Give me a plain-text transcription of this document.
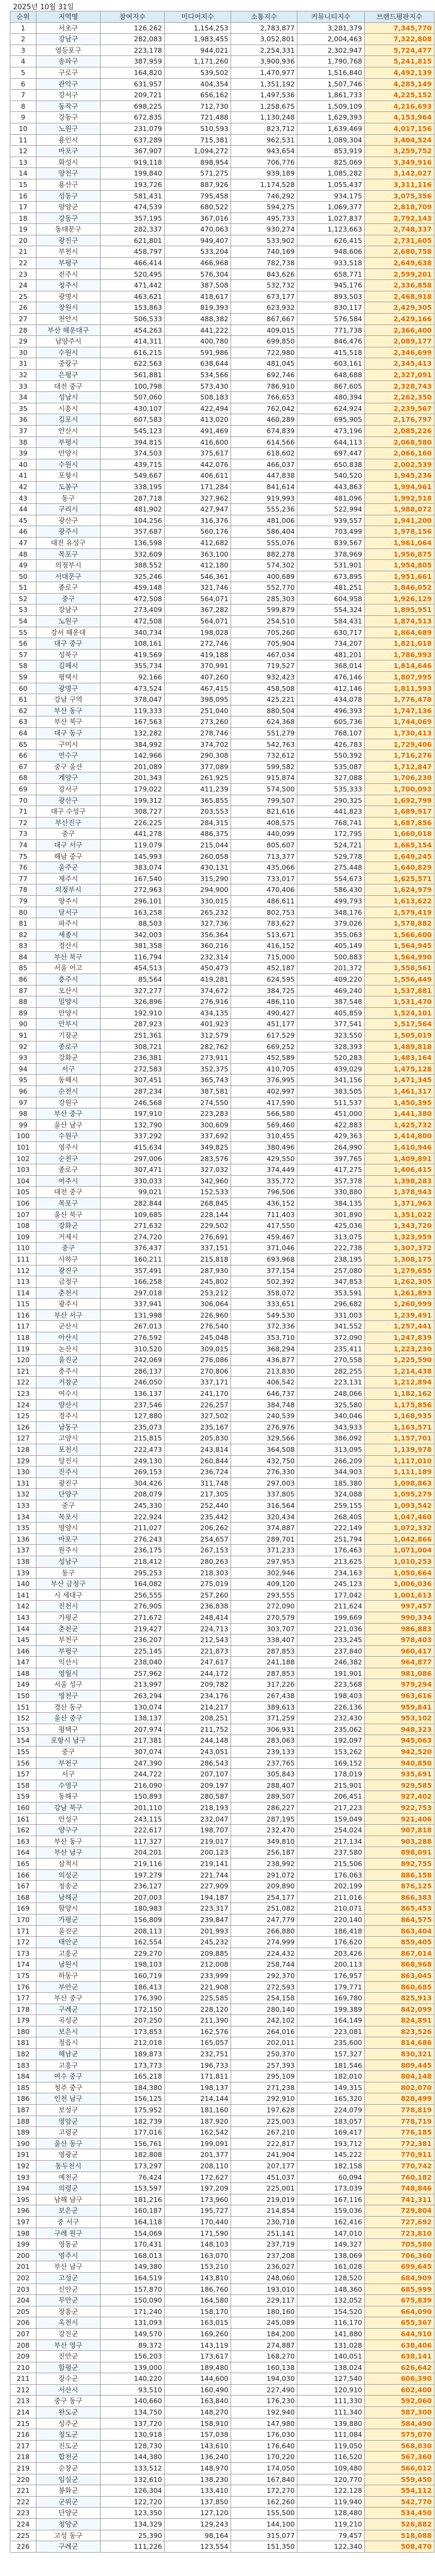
2025년 10월 31일
순위	지역명	참여지수	미디어지수	소통지수	커뮤니티지수	브랜드평판지수
1	서초구	126,262	1,154,253	2,783,877	3,281,379	7,345,770
2	강남구	282,083	1,983,455	3,052,801	2,004,463	7,322,808
3	영등포구	223,178	944,021	2,254,331	2,302,947	5,724,477
4	송파구	387,959	1,171,260	3,900,936	1,790,768	5,241,815
5	구로구	164,820	539,502	1,470,977	1,516,840	4,492,139
6	관악구	631,957	404,354	1,351,192	1,507,746	4,285,149
7	강서구	209,721	656,162	1,497,536	1,861,733	4,225,152
8	동작구	698,225	712,730	1,258,675	1,509,109	4,216,693
9	강동구	672,835	721,488	1,130,248	1,629,393	4,153,964
10	노원구	231,079	510,593	823,712	1,639,469	4,017,156
11	용인시	637,289	715,381	962,531	1,089,304	3,404,524
12	마포구	367,907	1,094,272	943,654	853,919	3,259,752
13	화성시	919,118	898,954	706,776	825,069	3,349,916
14	양천구	199,840	571,275	939,189	1,085,282	3,142,027
15	용산구	193,726	887,926	1,174,528	1,055,437	3,311,116
16	성동구	581,431	795,458	746,292	934,175	3,075,356
17	양양군	474,539	680,522	594,275	1,069,377	2,818,709
18	강동구	357,195	367,016	495,733	1,027,837	2,792,143
19	동대문구	282,337	470,063	930,274	1,123,663	2,748,337
20	광진구	621,801	949,407	533,902	626,415	2,731,605
21	부천시	458,797	533,204	740,169	948,606	2,680,758
22	부평구	466,414	466,968	782,738	933,518	2,649,638
23	전주시	520,495	576,304	843,626	658,771	2,599,201
24	청주시	471,442	387,508	532,732	945,176	2,336,858
25	광명시	463,621	418,617	673,177	893,503	2,468,918
26	창원시	153,863	819,393	623,932	830,117	2,429,305
27	천안시	506,533	488,382	867,667	576,584	2,429,166
28	부산 해운대구	454,263	441,222	409,015	771,738	2,366,400
29	남양주시	414,311	400,780	699,850	846,476	2,089,177
30	수원시	616,215	591,986	722,980	415,518	2,346,699
31	중랑구	622,563	638,644	481,045	603,161	2,345,413
32	은평구	561,881	534,566	692,746	648,688	2,327,091
33	대전 중구	100,798	573,430	786,910	867,605	2,328,743
34	성남시	507,060	508,183	766,653	480,394	2,262,350
35	시흥시	430,107	422,494	762,042	624,924	2,239,567
36	김포시	607,583	413,020	460,289	695,905	2,176,797
37	안산시	545,123	491,469	674,839	473,196	2,085,226
38	부평시	394,815	416,600	614,566	644,113	2,068,580
39	안양시	374,503	375,617	618,602	697,447	2,066,160
40	수원시	439,715	442,076	466,037	650,838	2,002,539
41	포항시	549,667	406,611	447,838	540,520	1,945,236
42	도봉구	338,195	171,284	841,614	443,863	1,994,961
43	동구	287,718	327,962	919,993	481,096	1,992,518
44	구리시	481,902	427,947	555,236	522,994	1,988,072
45	광산구	104,256	316,376	481,006	939,557	1,941,200
46	광주시	357,687	560,176	586,404	703,499	1,978,156
47	대전 유성구	136,598	412,682	555,076	839,567	1,961,064
48	목포구	332,609	363,100	882,278	378,969	1,956,875
49	의정부시	388,552	412,180	574,302	531,901	1,954,805
50	서대문구	325,246	546,361	400,689	673,895	1,951,661
51	종로구	459,148	321,746	552,770	481,251	1,846,052
52	중구	472,508	564,071	285,303	604,958	1,926,129
53	강남구	273,409	367,282	599,879	554,324	1,895,951
54	노원구	472,508	564,071	254,510	584,431	1,874,513
55	강서 해운대	340,734	198,028	705,260	630,717	1,864,689
56	대구 중구	108,161	272,746	705,904	734,207	1,821,018
57	성북구	419,569	419,188	467,034	481,201	1,786,993
58	김해시	355,734	370,991	719,527	368,014	1,814,646
59	평택시	92,166	407,260	932,423	476,146	1,807,995
60	광명구	473,524	467,415	458,508	412,146	1,811,593
61	강남 구역	378,047	398,095	425,221	434,078	1,776,478
62	부산 동구	119,333	251,040	880,504	496,393	1,747,136
63	부산 북구	167,563	273,260	624,368	605,736	1,744,069
64	대구 동구	132,282	278,746	551,279	768,107	1,730,413
65	구미시	384,992	374,702	542,763	426,783	1,729,406
66	연수구	142,966	290,308	732,612	550,392	1,716,276
67	중구 울산	201,089	377,089	599,582	535,087	1,712,847
68	계양구	201,343	261,925	915,874	327,088	1,706,230
69	강서구	179,022	411,239	574,500	535,333	1,700,093
70	광산구	199,312	365,855	799,507	290,325	1,692,799
71	대구 수성구	308,727	203,553	821,616	441,823	1,689,917
72	부산진구	226,225	284,315	408,575	768,741	1,687,856
73	중구	441,278	486,375	440,099	172,795	1,660,018
74	대구 서구	119,079	215,044	805,607	524,721	1,665,154
75	해남 중구	145,993	260,058	713,377	529,778	1,649,245
76	울주군	383,074	430,131	435,066	275,448	1,640,829
77	제주시	167,540	315,290	733,017	554,673	1,625,571
78	의정부시	272,963	294,900	470,406	586,430	1,624,979
79	양주시	296,101	330,015	486,611	499,793	1,613,622
80	달서구	163,258	265,232	802,753	348,176	1,579,419
81	파주시	88,503	327,736	783,627	379,026	1,578,882
82	세종시	342,003	356,364	513,671	355,063	1,566,600
83	경산시	381,358	360,216	416,152	405,149	1,564,945
84	부산 북구	116,794	232,314	715,000	500,883	1,564,990
85	서울 어고	454,513	450,473	452,187	201,372	1,558,561
86	충주시	85,564	419,281	624,595	409,220	1,556,449
87	오산시	327,277	374,672	384,725	469,240	1,537,881
88	밀양시	326,896	276,916	486,110	387,548	1,531,470
89	안양시	192,910	434,135	490,427	405,859	1,524,101
90	안부시	287,923	401,923	451,177	377,541	1,517,564
91	기장군	251,361	312,579	617,529	323,550	1,505,019
92	종로구	308,721	282,762	669,252	328,393	1,489,818
93	강화군	236,381	273,911	452,589	520,283	1,483,164
94	서구	272,583	352,375	410,705	439,029	1,475,128
95	동해시	307,451	365,743	376,995	341,156	1,471,345
96	순천시	287,234	387,581	402,997	383,505	1,461,317
97	강원구	246,568	274,550	417,590	511,537	1,450,395
98	부산 중구	197,910	223,283	566,580	451,000	1,441,380
99	울산 남구	132,790	300,609	569,460	422,883	1,425,732
100	수원구	337,292	337,692	310,455	429,363	1,414,800
101	영주시	415,634	349,825	380,496	264,990	1,410,946
102	순천구	297,006	283,576	429,550	397,765	1,409,891
103	종로구	307,471	327,032	374,449	417,275	1,406,415
104	여주시	330,033	342,960	335,772	357,378	1,398,283
105	대전 중구	99,021	152,533	796,506	330,880	1,378,943
106	목포구	282,844	268,845	436,152	384,135	1,371,963
107	울산 북구	109,685	228,144	711,403	301,890	1,351,022
108	강화군	271,632	229,502	417,550	425,036	1,343,720
109	거제시	274,720	276,691	459,467	313,075	1,323,959
110	중구	376,437	337,151	371,046	222,738	1,307,372
111	사하구	160,211	215,818	693,968	238,195	1,308,175
112	광진구	357,491	287,930	377,154	257,080	1,279,655
113	금정구	166,258	245,802	502,392	347,853	1,262,305
114	춘천시	297,018	253,212	358,072	353,591	1,261,893
115	광주시	337,941	306,064	333,651	296,682	1,260,999
116	부산 서구	131,998	226,960	549,530	331,003	1,239,491
117	군산시	267,013	276,540	372,336	341,552	1,257,441
118	아산시	276,592	245,048	353,710	372,090	1,247,839
119	논산시	310,520	309,015	368,294	235,411	1,223,230
120	울진군	242,069	276,086	436,877	270,558	1,225,590
121	충주시	286,137	270,806	213,830	282,255	1,214,438
122	거창군	246,050	337,171	406,542	223,131	1,212,894
123	여수시	136,137	241,170	646,737	248,066	1,182,162
124	양산시	237,546	226,257	384,748	325,580	1,175,856
125	경주시	127,880	327,502	240,539	340,046	1,168,935
126	남동구	235,073	235,167	276,976	343,933	1,163,571
127	고양시	215,815	205,830	329,566	386,092	1,157,701
128	포천시	222,473	243,814	364,508	313,095	1,139,978
129	당진시	249,130	260,844	432,750	266,209	1,117,010
130	진주시	269,153	236,724	276,330	344,903	1,111,189
131	광진구	304,426	311,748	297,003	185,380	1,098,863
132	단양구	208,079	217,305	337,805	324,088	1,095,279
133	중구	245,330	252,440	316,564	259,155	1,093,542
134	목포시	222,924	235,442	320,434	268,405	1,047,460
135	영양시	211,027	206,262	374,887	222,149	1,072,332
136	마포구	276,243	254,657	289,701	251,794	1,042,866
137	원주시	236,175	267,153	371,233	176,463	1,071,004
138	성남구	218,412	280,263	297,953	213,625	1,010,253
139	동구	295,253	218,303	302,946	234,163	1,050,664
140	부산 금정구	164,082	275,019	409,120	245,123	1,006,036
141	시 세대구	256,555	257,260	293,555	177,042	1,001,613
142	진천시	276,905	236,838	272,090	211,624	997,457
143	가평군	271,672	248,414	270,579	199,669	990,334
144	춘천군	219,427	224,713	303,707	221,036	986,883
145	부천구	236,207	212,543	338,407	233,245	978,403
146	부평구	225,145	221,873	287,853	237,840	960,417
147	익산시	238,040	247,617	241,188	246,382	964,877
148	영월시	257,962	244,172	287,853	191,901	981,086
149	서울 성구	213,997	209,782	317,226	223,568	979,294
150	영천구	263,294	234,176	267,438	198,403	963,616
151	경산 동구	130,074	214,217	389,613	226,136	959,841
152	울산 중구	138,137	208,251	371,259	232,430	953,102
153	평택구	207,974	211,752	306,931	235,062	948,323
154	포항시 남구	217,381	244,148	283,063	192,097	945,063
155	중구	307,074	243,051	239,133	153,262	942,520
156	부천구	247,390	286,543	237,765	169,152	940,850
157	서구	244,722	207,107	305,843	178,019	935,691
158	수영구	216,090	209,197	288,407	215,901	929,585
159	동해구	150,893	280,587	289,507	206,451	927,402
160	강남 북구	201,110	218,193	286,227	217,223	922,753
161	안성구	243,115	232,047	287,195	159,049	921,406
162	양구구	222,617	198,707	232,470	254,024	907,818
163	부산 동구	117,327	219,017	349,810	217,134	903,288
164	부산 남구	204,201	200,123	256,187	237,580	898,091
165	삼척시	219,116	219,141	238,992	215,506	892,755
166	의성군	197,279	221,744	291,072	176,063	886,158
167	청송군	236,127	227,909	209,890	202,199	876,125
168	남해군	207,003	194,187	254,177	211,016	866,383
169	함양시	180,983	223,317	251,082	210,071	865,453
170	가평군	156,809	239,847	247,779	220,140	864,575
171	울진군	208,113	201,993	266,880	186,418	863,404
172	태안군	162,554	245,232	274,999	176,620	859,405
173	고흥군	229,270	209,885	224,432	203,426	867,014
174	남원시	198,103	212,008	258,744	200,113	868,968
175	하동구	160,719	233,999	292,370	176,957	863,045
176	부안군	186,413	221,908	272,593	179,771	860,685
177	부산 중구	176,390	225,585	254,158	169,780	825,913
178	구례군	172,150	228,120	280,140	199,389	842,099
179	곡성군	207,250	211,390	242,102	164,149	824,891
180	보은시	173,853	162,576	264,016	223,081	823,526
181	정읍시	212,018	165,057	202,011	235,600	814,686
182	해남군	189,873	232,751	250,370	157,327	830,321
183	고흥구	173,773	196,733	257,393	181,546	809,445
184	여수 중구	165,218	171,811	295,109	182,010	804,148
185	청주 중구	184,380	198,137	271,238	149,315	802,070
186	인천 남구	156,125	214,144	292,910	165,320	828,499
187	보성구	175,952	181,160	197,628	224,079	778,819
188	영암군	182,739	187,920	225,003	183,057	778,719
189	고령군	177,016	162,542	267,210	169,417	776,185
190	울산 동구	156,761	199,091	222,817	193,712	772,381
191	영광군	182,808	201,377	241,904	145,222	770,911
192	동두천시	173,297	208,110	207,177	182,158	770,742
193	예천군	76,424	172,627	451,037	60,094	760,182
194	의령군	153,597	197,209	225,001	173,039	748,846
195	남해 남구	181,216	173,960	219,019	167,116	741,311
196	보은군	160,187	195,727	214,854	159,036	729,804
197	중 서구	164,118	170,440	230,718	162,416	727,692
198	구례 원구	154,069	171,590	251,141	147,010	723,810
199	영동군	170,431	148,103	237,719	149,327	705,580
200	영주시	168,013	163,070	237,208	138,069	706,360
201	부산 남구	149,380	153,210	236,027	161,028	699,645
202	고성군	164,519	143,810	248,060	128,520	684,909
203	신안군	157,870	186,760	193,010	148,360	685,999
204	무안군	150,090	164,580	229,117	132,052	675,839
205	장흥군	171,240	158,170	180,160	154,520	664,090
206	옥천시	131,093	163,015	245,089	116,170	655,367
207	강진군	149,570	169,260	184,200	141,880	644,910
208	부산 영구	89,372	143,119	274,887	131,028	638,406
209	진안군	156,203	173,617	168,270	140,051	638,141
210	함평군	139,000	189,480	160,138	138,024	626,642
211	장수군	140,220	144,600	194,030	127,540	606,390
212	서산시	93,510	160,490	227,490	120,910	602,400
213	중구 동구	140,660	163,840	176,230	111,330	592,060
214	완도군	134,750	148,270	192,940	111,340	587,300
215	성주군	137,720	158,910	147,980	139,880	584,490
216	청도군	130,918	157,038	176,030	111,084	575,070
217	진도군	128,730	143,610	176,640	119,050	568,030
218	합천군	144,380	136,240	170,220	116,520	567,360
219	순창군	133,512	148,970	174,050	109,480	566,012
220	임실군	132,610	138,230	167,840	120,770	559,450
221	봉화군	126,304	133,410	172,270	122,128	554,112
222	군위군	122,720	137,850	162,260	119,940	542,770
223	단양군	123,350	127,120	155,500	128,480	534,450
224	청양군	134,329	129,243	144,100	119,210	526,882
225	고성 동구	25,390	98,164	315,077	79,457	518,088
226	구례군	111,226	123,554	151,350	122,340	508,470
